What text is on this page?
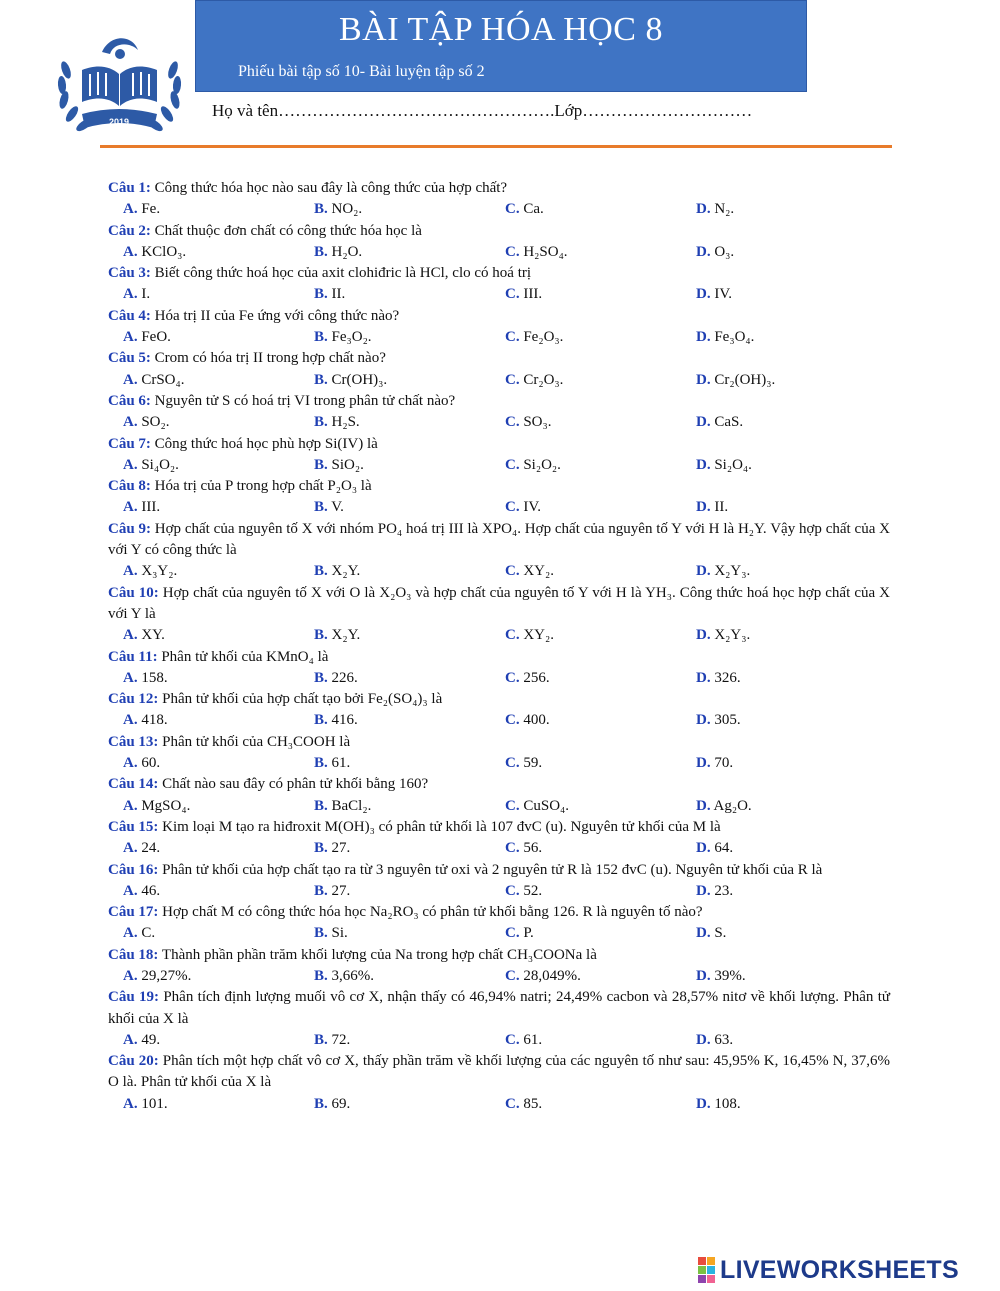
BÀI TẬP HÓA HỌC 8
Phiếu bài tập số 10- Bài luyện tập số 2
2019
Họ và tên………………………………………….Lớp…………………………
Câu 1: Công thức hóa học nào sau đây là công thức của hợp chất?
A. Fe.	B. NO₂.	C. Ca.	D. N₂.
Câu 2: Chất thuộc đơn chất có công thức hóa học là
A. KClO₃.	B. H₂O.	C. H₂SO₄.	D. O₃.
Câu 3: Biết công thức hoá học của axit clohiđric là HCl, clo có hoá trị
A. I.	B. II.	C. III.	D. IV.
Câu 4: Hóa trị II của Fe ứng với công thức nào?
A. FeO.	B. Fe₃O₂.	C. Fe₂O₃.	D. Fe₃O₄.
Câu 5: Crom có hóa trị II trong hợp chất nào?
A. CrSO₄.	B. Cr(OH)₃.	C. Cr₂O₃.	D. Cr₂(OH)₃.
Câu 6: Nguyên tử S có hoá trị VI trong phân tử chất nào?
A. SO₂.	B. H₂S.	C. SO₃.	D. CaS.
Câu 7: Công thức hoá học phù hợp Si(IV) là
A. Si₄O₂.	B. SiO₂.	C. Si₂O₂.	D. Si₂O₄.
Câu 8: Hóa trị của P trong hợp chất P₂O₃ là
A. III.	B. V.	C. IV.	D. II.
Câu 9: Hợp chất của nguyên tố X với nhóm PO₄ hoá trị III là XPO₄. Hợp chất của nguyên tố Y với H là H₂Y. Vậy hợp chất của X với Y có công thức là
A. X₃Y₂.	B. X₂Y.	C. XY₂.	D. X₂Y₃.
Câu 10: Hợp chất của nguyên tố X với O là X₂O₃ và hợp chất của nguyên tố Y với H là YH₃. Công thức hoá học hợp chất của X với Y là
A. XY.	B. X₂Y.	C. XY₂.	D. X₂Y₃.
Câu 11: Phân tử khối của KMnO₄ là
A. 158.	B. 226.	C. 256.	D. 326.
Câu 12: Phân tử khối của hợp chất tạo bởi Fe₂(SO₄)₃ là
A. 418.	B. 416.	C. 400.	D. 305.
Câu 13: Phân tử khối của CH₃COOH là
A. 60.	B. 61.	C. 59.	D. 70.
Câu 14: Chất nào sau đây có phân tử khối bằng 160?
A. MgSO₄.	B. BaCl₂.	C. CuSO₄.	D. Ag₂O.
Câu 15: Kim loại M tạo ra hiđroxit M(OH)₃ có phân tử khối là 107 đvC (u). Nguyên tử khối của M là
A. 24.	B. 27.	C. 56.	D. 64.
Câu 16: Phân tử khối của hợp chất tạo ra từ 3 nguyên tử oxi và 2 nguyên tử R là 152 đvC (u). Nguyên tử khối của R là
A. 46.	B. 27.	C. 52.	D. 23.
Câu 17: Hợp chất M có công thức hóa học Na₂RO₃ có phân tử khối bằng 126. R là nguyên tố nào?
A. C.	B. Si.	C. P.	D. S.
Câu 18: Thành phần phần trăm khối lượng của Na trong hợp chất CH₃COONa là
A. 29,27%.	B. 3,66%.	C. 28,049%.	D. 39%.
Câu 19: Phân tích định lượng muối vô cơ X, nhận thấy có 46,94% natri; 24,49% cacbon và 28,57% nitơ về khối lượng. Phân tử khối của X là
A. 49.	B. 72.	C. 61.	D. 63.
Câu 20: Phân tích một hợp chất vô cơ X, thấy phần trăm về khối lượng của các nguyên tố như sau: 45,95% K, 16,45% N, 37,6% O là. Phân tử khối của X là
A. 101.	B. 69.	C. 85.	D. 108.
LIVEWORKSHEETS
